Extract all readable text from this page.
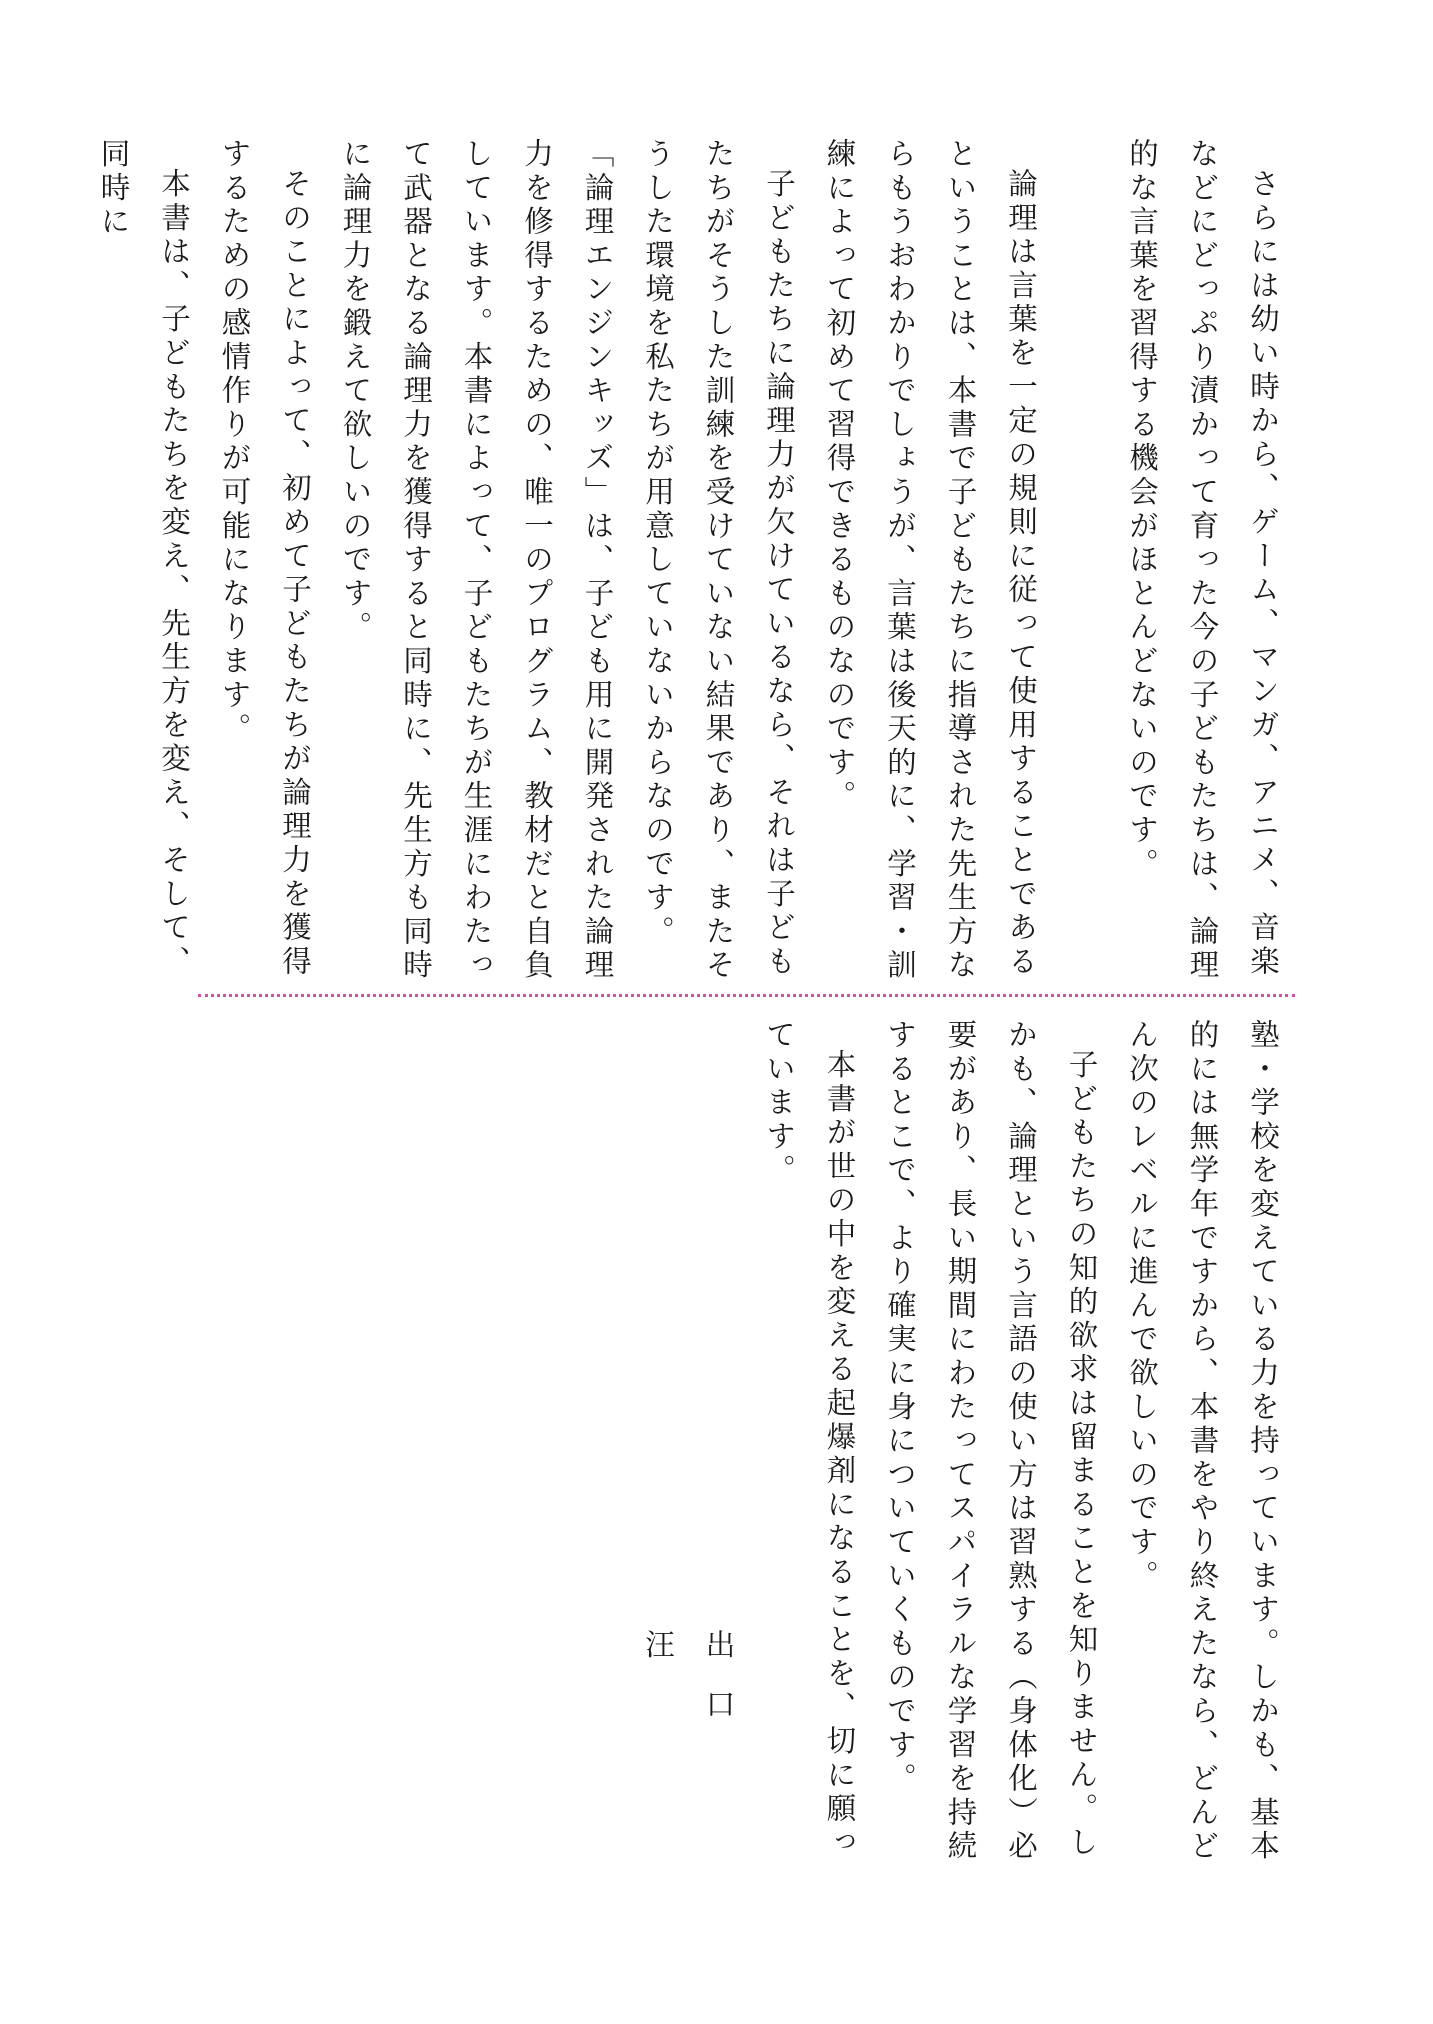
さらには幼い時から、ゲーム、マンガ、アニメ、音楽などにどっぷり漬かって育った今の子どもたちは、論理的な言葉を習得する機会がほとんどないのです。

論理は言葉を一定の規則に従って使用することであるということは、本書で子どもたちに指導された先生方ならもうおわかりでしょうが、言葉は後天的に、学習・訓練によって初めて習得できるものなのです。

子どもたちに論理力が欠けているなら、それは子どもたちがそうした訓練を受けていない結果であり、またそうした環境を私たちが用意していないからなのです。

「論理エンジンキッズ」は、子ども用に開発された論理力を修得するための、唯一のプログラム、教材だと自負しています。本書によって、子どもたちが生涯にわたって武器となる論理力を獲得すると同時に、先生方も同時に論理力を鍛えて欲しいのです。

そのことによって、初めて子どもたちが論理力を獲得するための感情作りが可能になります。

本書は、子どもたちを変え、先生方を変え、そして、同時に

塾・学校を変えている力を持っています。しかも、基本的には無学年ですから、本書をやり終えたなら、どんどん次のレベルに進んで欲しいのです。

子どもたちの知的欲求は留まることを知りません。しかも、論理という言語の使い方は習熟する（身体化）必要があり、長い期間にわたってスパイラルな学習を持続するとこで、より確実に身についていくものです。

本書が世の中を変える起爆剤になることを、切に願っています。

出口 汪
